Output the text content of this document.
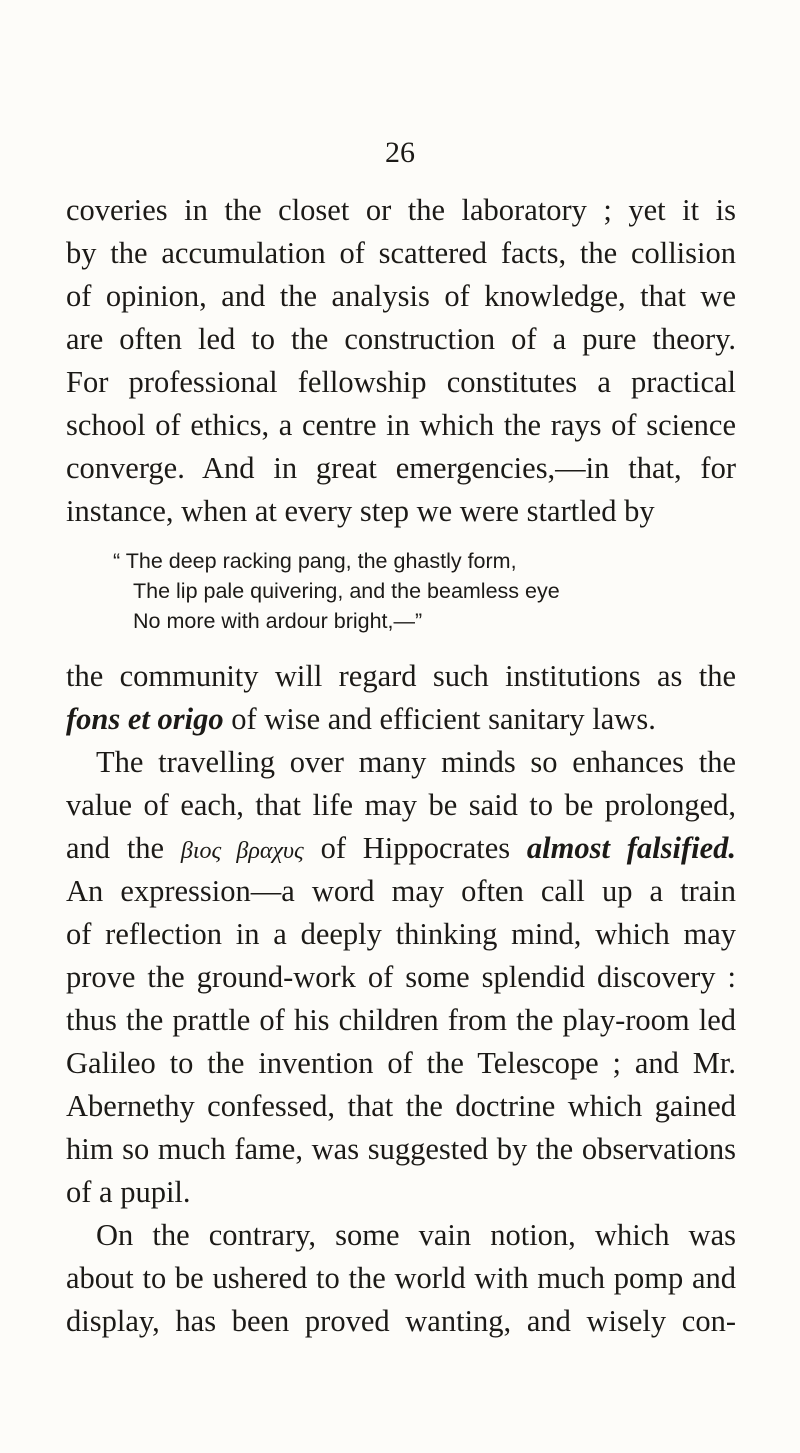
26
coveries in the closet or the laboratory ; yet it is
by the accumulation of scattered facts, the collision
of opinion, and the analysis of knowledge, that we
are often led to the construction of a pure theory.
For professional fellowship constitutes a practical
school of ethics, a centre in which the rays of science
converge. And in great emergencies,—in that, for
instance, when at every step we were startled by
“ The deep racking pang, the ghastly form,
The lip pale quivering, and the beamless eye
No more with ardour bright,—”
the community will regard such institutions as the
fons et origo of wise and efficient sanitary laws.
The travelling over many minds so enhances the
value of each, that life may be said to be prolonged,
and the βιος βραχυς of Hippocrates almost falsified.
An expression—a word may often call up a train
of reflection in a deeply thinking mind, which may
prove the ground-work of some splendid discovery :
thus the prattle of his children from the play-room led
Galileo to the invention of the Telescope ; and Mr.
Abernethy confessed, that the doctrine which gained
him so much fame, was suggested by the observations
of a pupil.
On the contrary, some vain notion, which was
about to be ushered to the world with much pomp and
display, has been proved wanting, and wisely con-
